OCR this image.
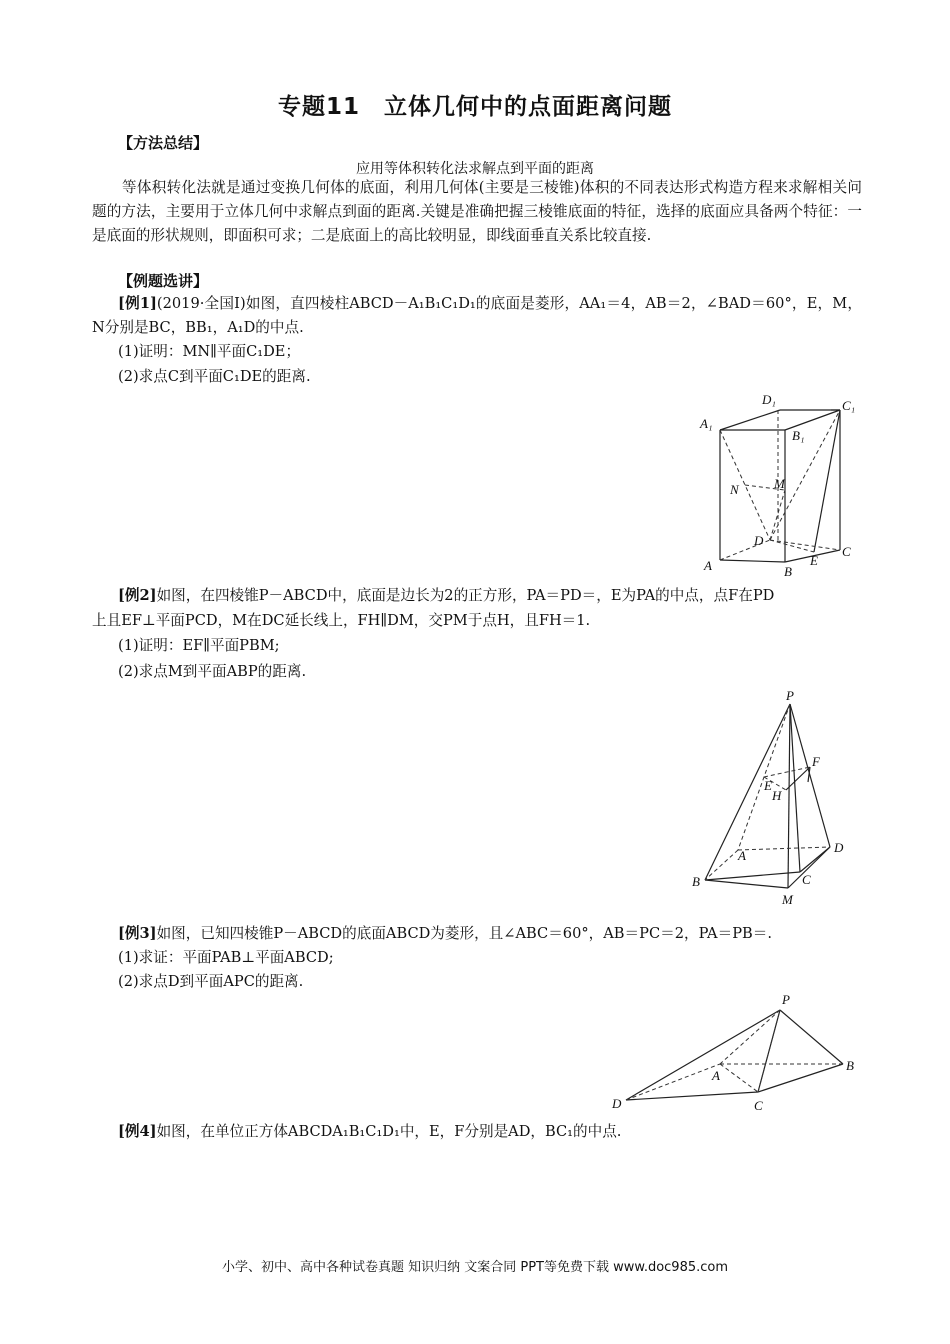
专题11　立体几何中的点面距离问题
【方法总结】
应用等体积转化法求解点到平面的距离
等体积转化法就是通过变换几何体的底面，利用几何体(主要是三棱锥)体积的不同表达形式构造方程来求解相关问题的方法，主要用于立体几何中求解点到面的距离.关键是准确把握三棱锥底面的特征，选择的底面应具备两个特征：一是底面的形状规则，即面积可求；二是底面上的高比较明显，即线面垂直关系比较直接.
【例题选讲】
[例1](2019·全国Ⅰ)如图，直四棱柱ABCD－A₁B₁C₁D₁的底面是菱形，AA₁＝4，AB＝2，∠BAD＝60°，E，M，N分别是BC，BB₁，A₁D的中点.
(1)证明：MN∥平面C₁DE；
(2)求点C到平面C₁DE的距离.
D₁	C₁
A₁
B₁
N	M
D
A	B
E
C
[例2]如图，在四棱锥P－ABCD中，底面是边长为2的正方形，PA＝PD＝，E为PA的中点，点F在PD
上且EF⊥平面PCD，M在DC延长线上，FH∥DM，交PM于点H，且FH＝1.
(1)证明：EF∥平面PBM;
(2)求点M到平面ABP的距离.
P
F
E
H
A
D
B	C
M
[例3]如图，已知四棱锥P－ABCD的底面ABCD为菱形，且∠ABC＝60°，AB＝PC＝2，PA＝PB＝.
(1)求证：平面PAB⊥平面ABCD;
(2)求点D到平面APC的距离.
P
A
B
D	C
[例4]如图，在单位正方体ABCDA₁B₁C₁D₁中，E，F分别是AD，BC₁的中点.
小学、初中、高中各种试卷真题 知识归纳 文案合同 PPT等免费下载 www.doc985.com
